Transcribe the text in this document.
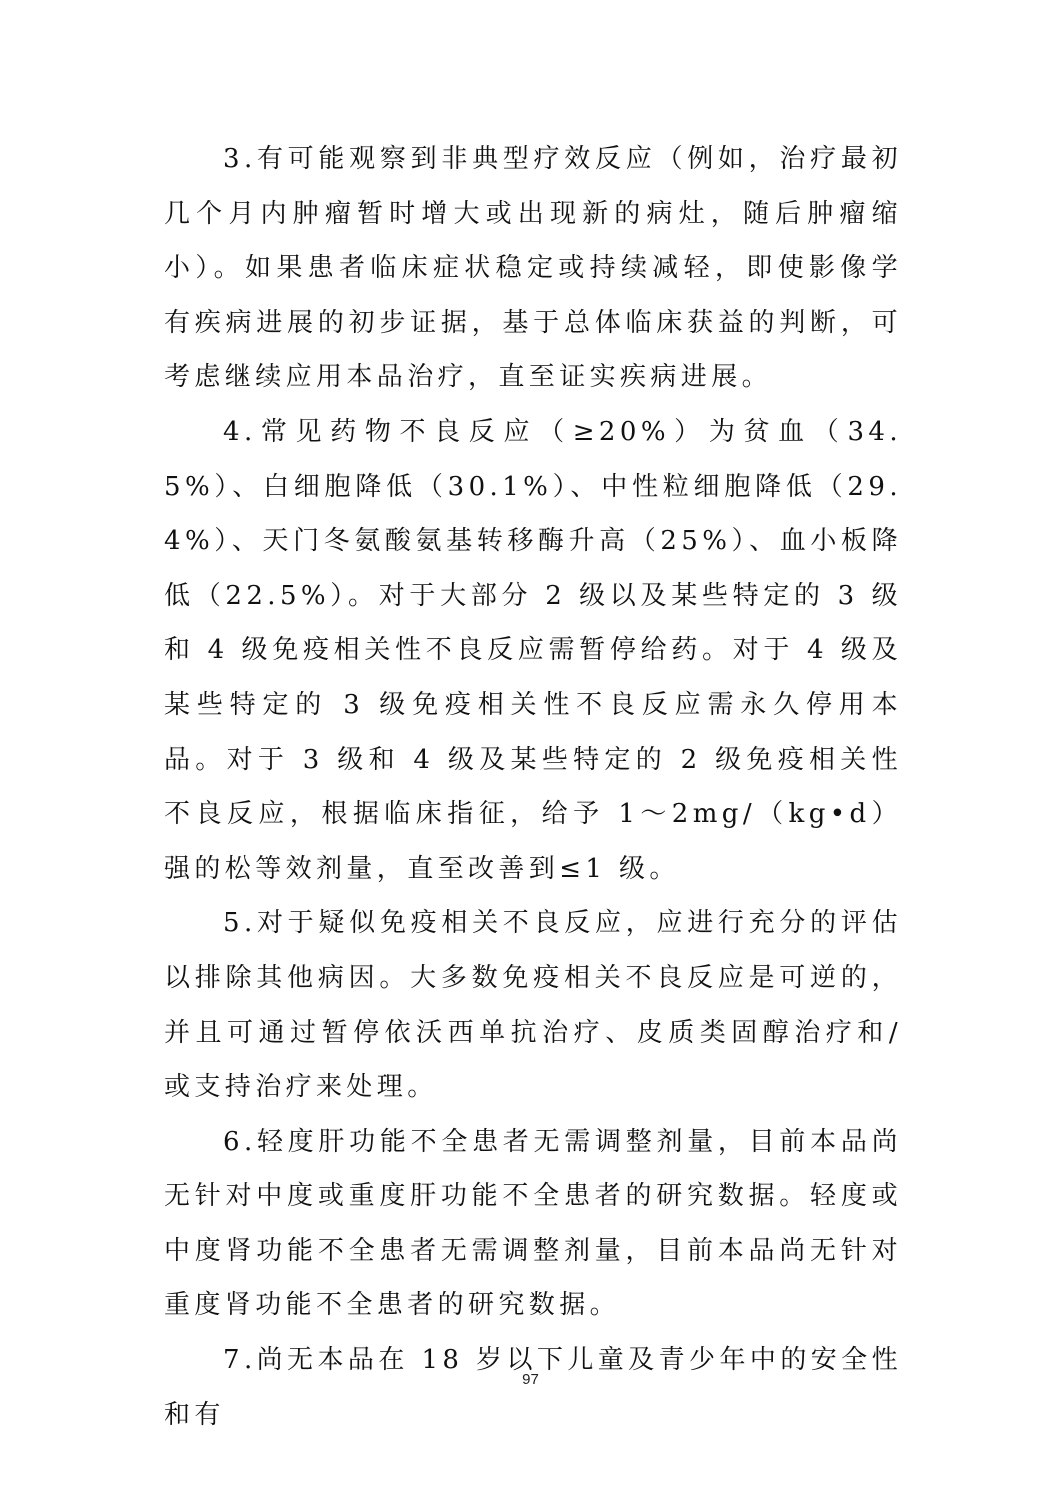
3.有可能观察到非典型疗效反应（例如，治疗最初几个月内肿瘤暂时增大或出现新的病灶，随后肿瘤缩小）。如果患者临床症状稳定或持续减轻，即使影像学有疾病进展的初步证据，基于总体临床获益的判断，可考虑继续应用本品治疗，直至证实疾病进展。

4.常见药物不良反应（≥20%）为贫血（34.5%）、白细胞降低（30.1%）、中性粒细胞降低（29.4%）、天门冬氨酸氨基转移酶升高（25%）、血小板降低（22.5%）。对于大部分 2 级以及某些特定的 3 级和 4 级免疫相关性不良反应需暂停给药。对于 4 级及某些特定的 3 级免疫相关性不良反应需永久停用本品。对于 3 级和 4 级及某些特定的 2 级免疫相关性不良反应，根据临床指征，给予 1～2mg/（kg•d）强的松等效剂量，直至改善到≤1 级。

5.对于疑似免疫相关不良反应，应进行充分的评估以排除其他病因。大多数免疫相关不良反应是可逆的，并且可通过暂停依沃西单抗治疗、皮质类固醇治疗和/或支持治疗来处理。

6.轻度肝功能不全患者无需调整剂量，目前本品尚无针对中度或重度肝功能不全患者的研究数据。轻度或中度肾功能不全患者无需调整剂量，目前本品尚无针对重度肾功能不全患者的研究数据。

7.尚无本品在 18 岁以下儿童及青少年中的安全性和有

97
